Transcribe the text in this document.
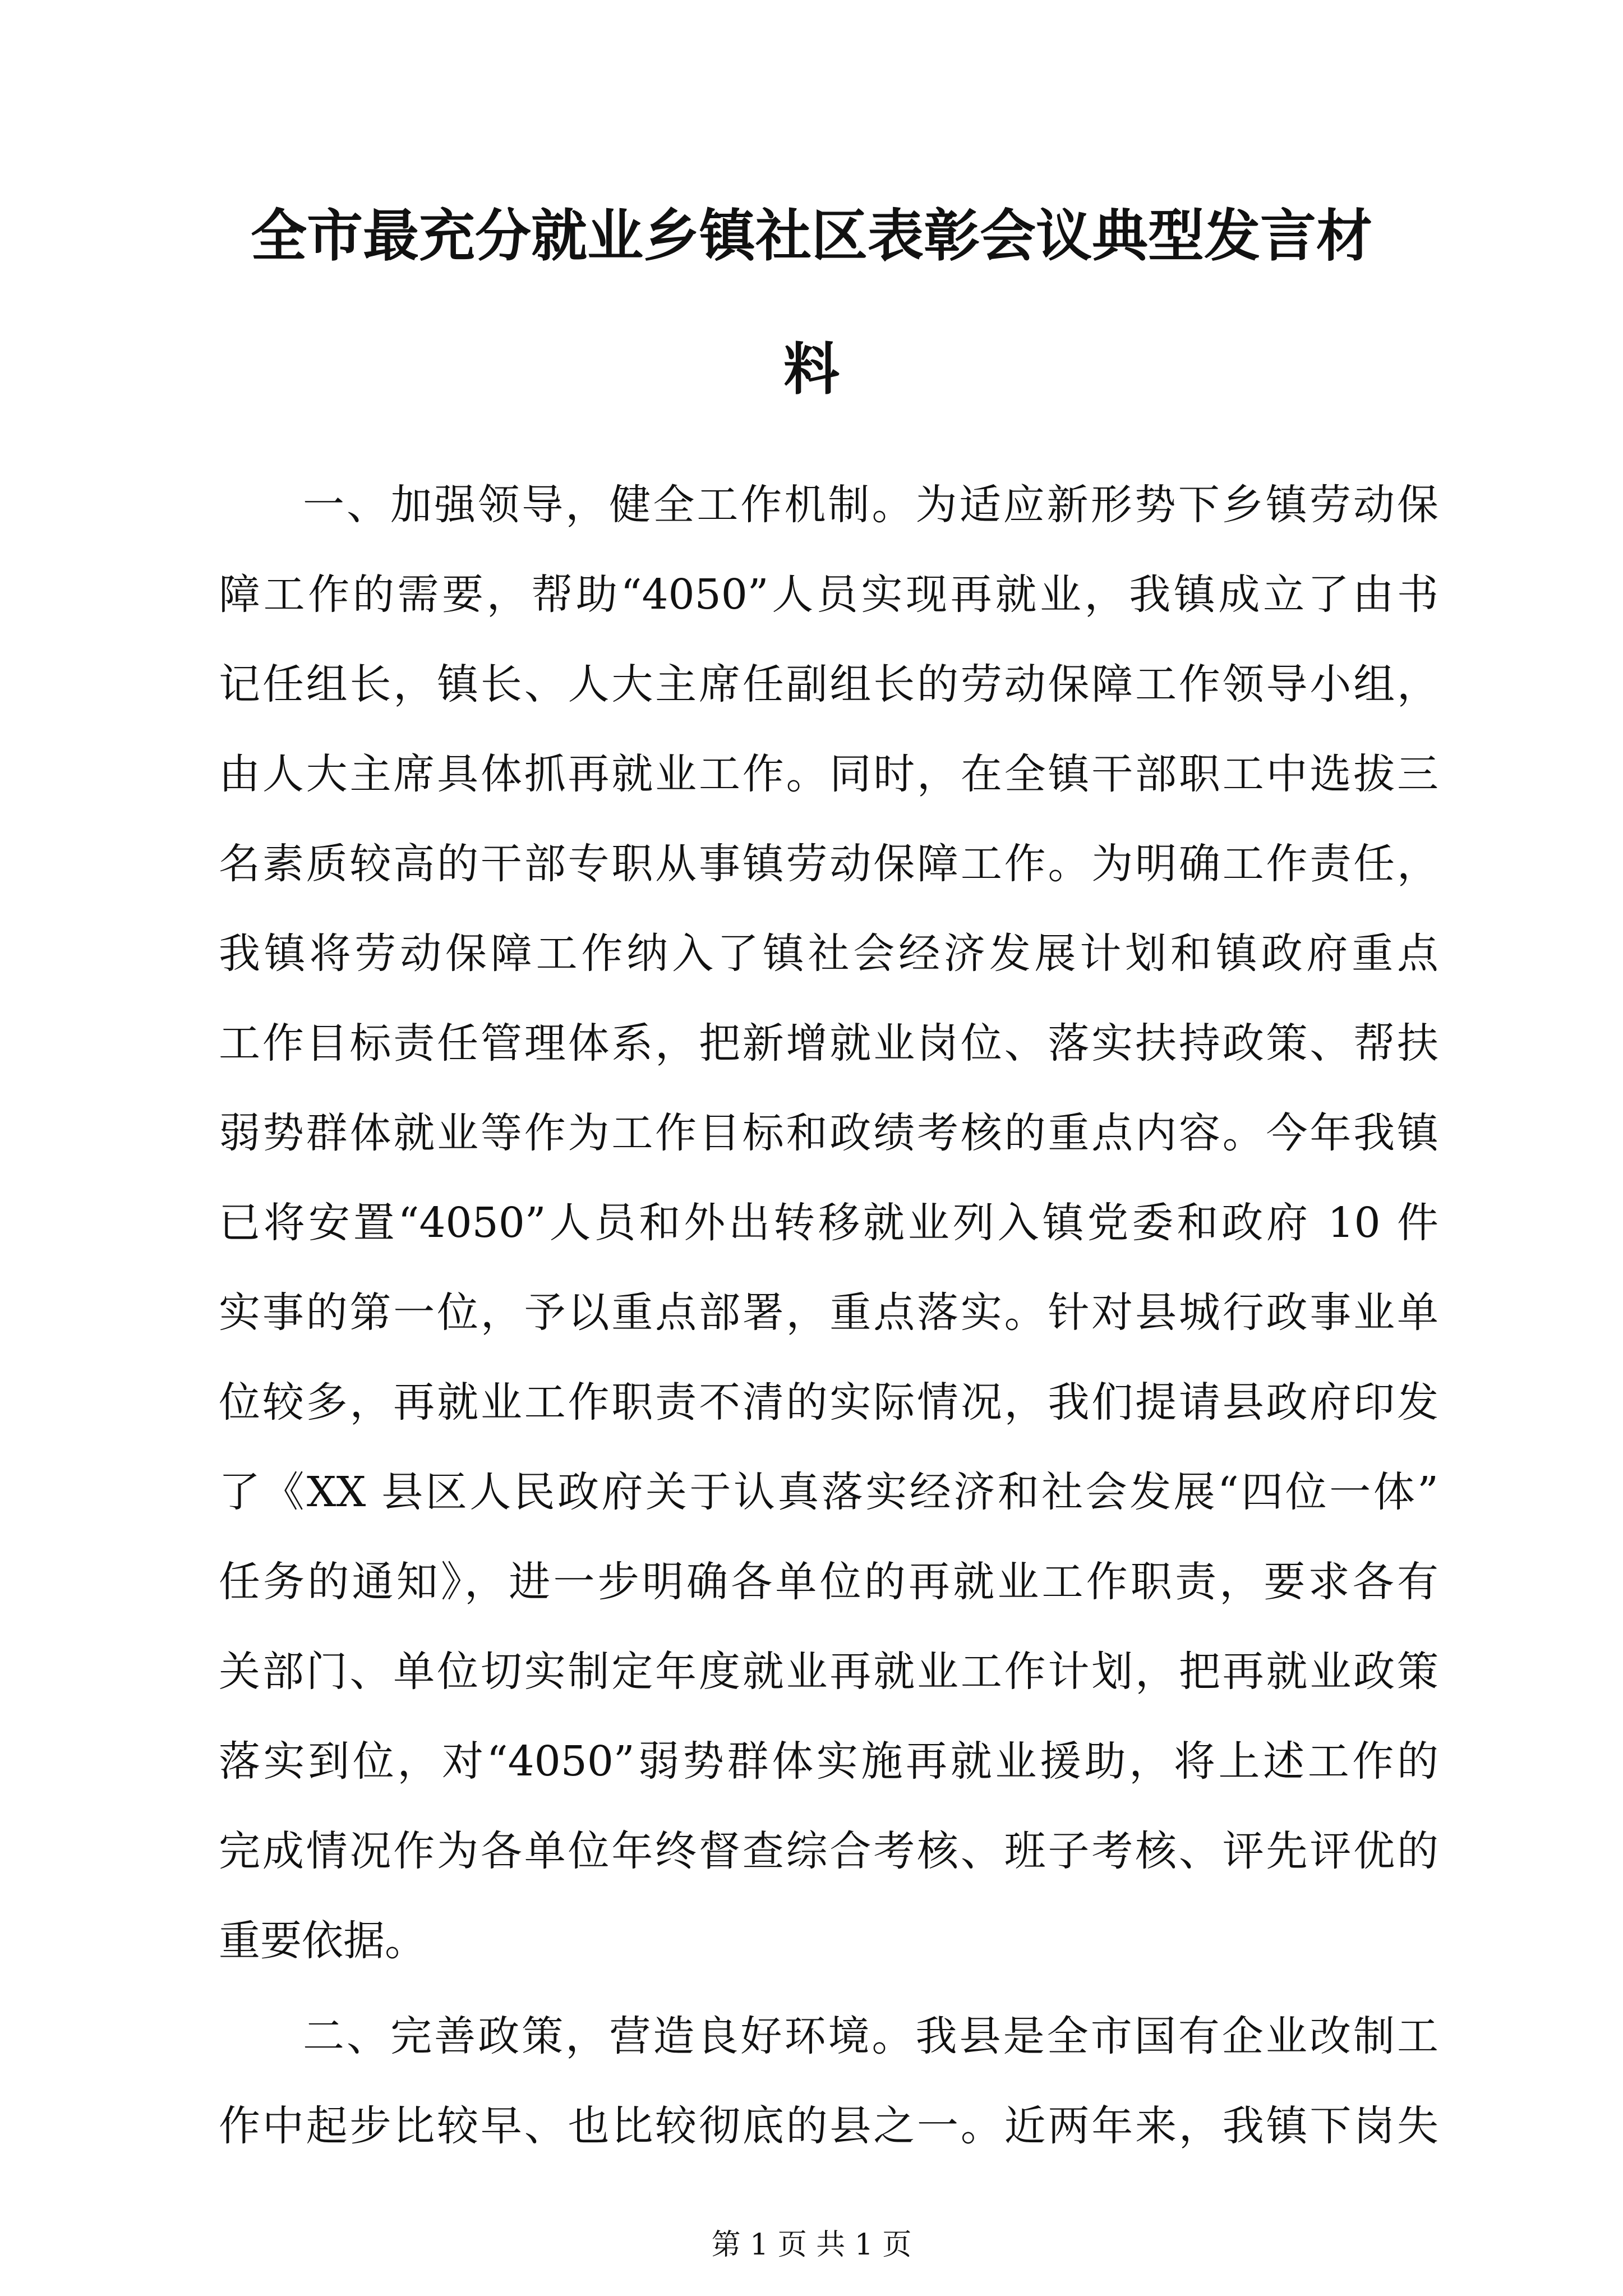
全市最充分就业乡镇社区表彰会议典型发言材
料
一、加强领导，健全工作机制。为适应新形势下乡镇劳动保
障工作的需要，帮助“4050”人员实现再就业，我镇成立了由书
记任组长，镇长、人大主席任副组长的劳动保障工作领导小组，
由人大主席具体抓再就业工作。同时，在全镇干部职工中选拔三
名素质较高的干部专职从事镇劳动保障工作。为明确工作责任，
我镇将劳动保障工作纳入了镇社会经济发展计划和镇政府重点
工作目标责任管理体系，把新增就业岗位、落实扶持政策、帮扶
弱势群体就业等作为工作目标和政绩考核的重点内容。今年我镇
已将安置“4050”人员和外出转移就业列入镇党委和政府 10 件
实事的第一位，予以重点部署，重点落实。针对县城行政事业单
位较多，再就业工作职责不清的实际情况，我们提请县政府印发
了《XX 县区人民政府关于认真落实经济和社会发展“四位一体”
任务的通知》，进一步明确各单位的再就业工作职责，要求各有
关部门、单位切实制定年度就业再就业工作计划，把再就业政策
落实到位，对“4050”弱势群体实施再就业援助，将上述工作的
完成情况作为各单位年终督查综合考核、班子考核、评先评优的
重要依据。
二、完善政策，营造良好环境。我县是全市国有企业改制工
作中起步比较早、也比较彻底的县之一。近两年来，我镇下岗失
第 1 页 共 1 页
